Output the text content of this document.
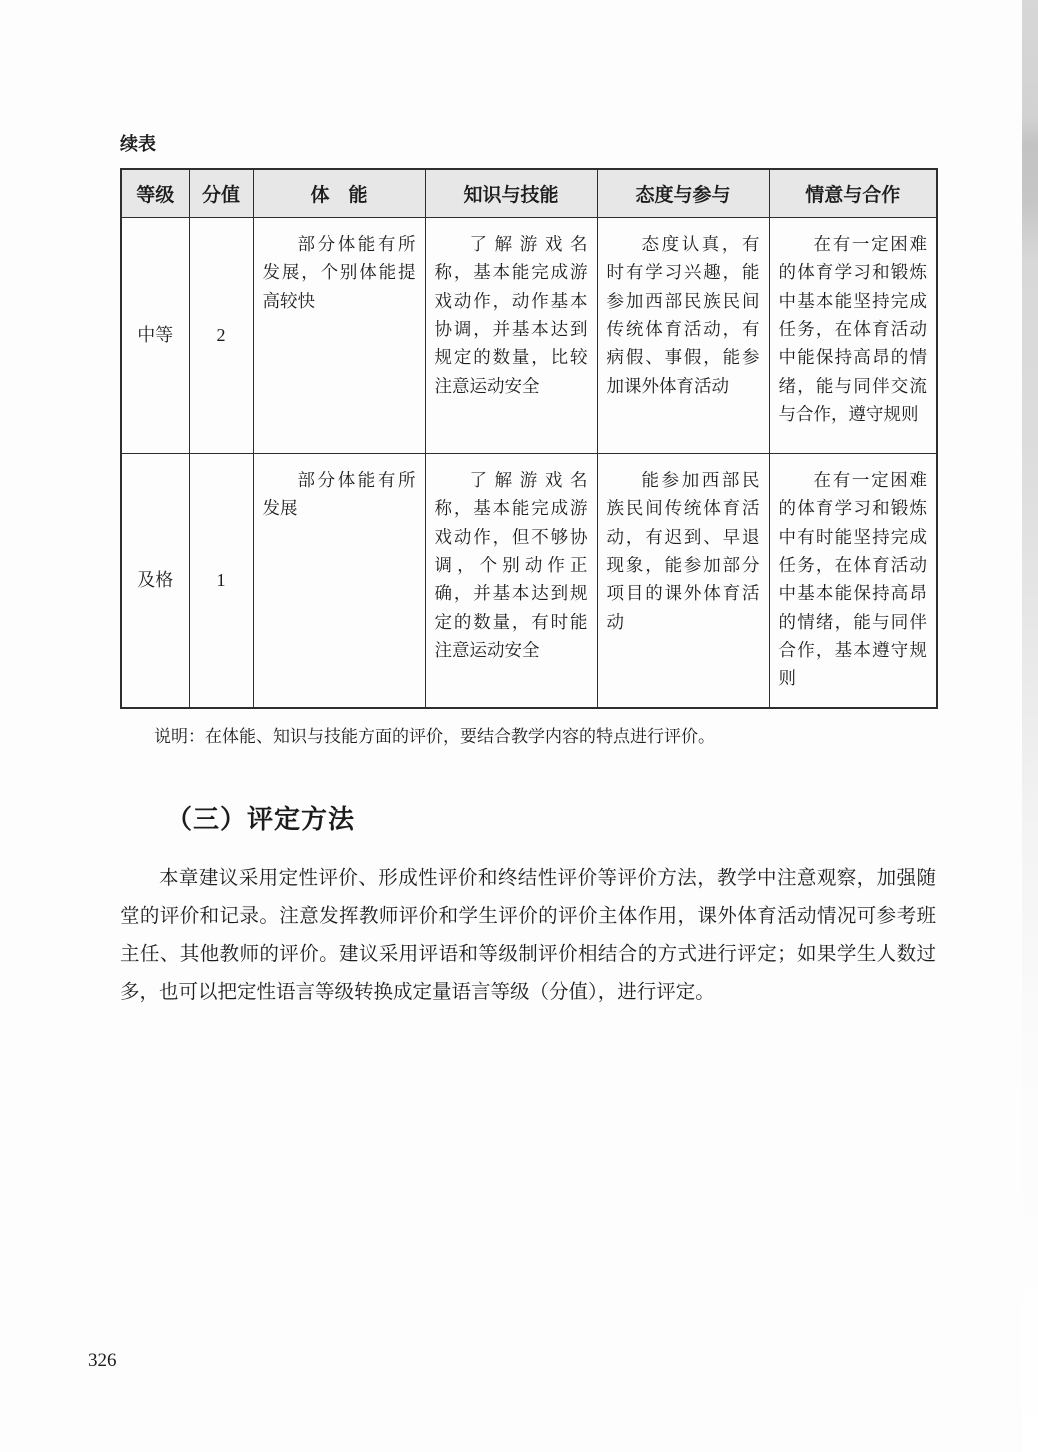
续表
等级	分值	体　能	知识与技能	态度与参与	情意与合作
中等	2	部分体能有所发展，个别体能提高较快	了解游戏名称，基本能完成游戏动作，动作基本协调，并基本达到规定的数量，比较注意运动安全	态度认真，有时有学习兴趣，能参加西部民族民间传统体育活动，有病假、事假，能参加课外体育活动	在有一定困难的体育学习和锻炼中基本能坚持完成任务，在体育活动中能保持高昂的情绪，能与同伴交流与合作，遵守规则

及格	1	部分体能有所发展	了解游戏名称，基本能完成游戏动作，但不够协调，个别动作正确，并基本达到规定的数量，有时能注意运动安全	能参加西部民族民间传统体育活动，有迟到、早退现象，能参加部分项目的课外体育活动	在有一定困难的体育学习和锻炼中有时能坚持完成任务，在体育活动中基本能保持高昂的情绪，能与同伴合作，基本遵守规则
说明：在体能、知识与技能方面的评价，要结合教学内容的特点进行评价。
（三）评定方法

本章建议采用定性评价、形成性评价和终结性评价等评价方法，教学中注意观察，加强随堂的评价和记录。注意发挥教师评价和学生评价的评价主体作用，课外体育活动情况可参考班主任、其他教师的评价。建议采用评语和等级制评价相结合的方式进行评定；如果学生人数过多，也可以把定性语言等级转换成定量语言等级（分值），进行评定。

326
